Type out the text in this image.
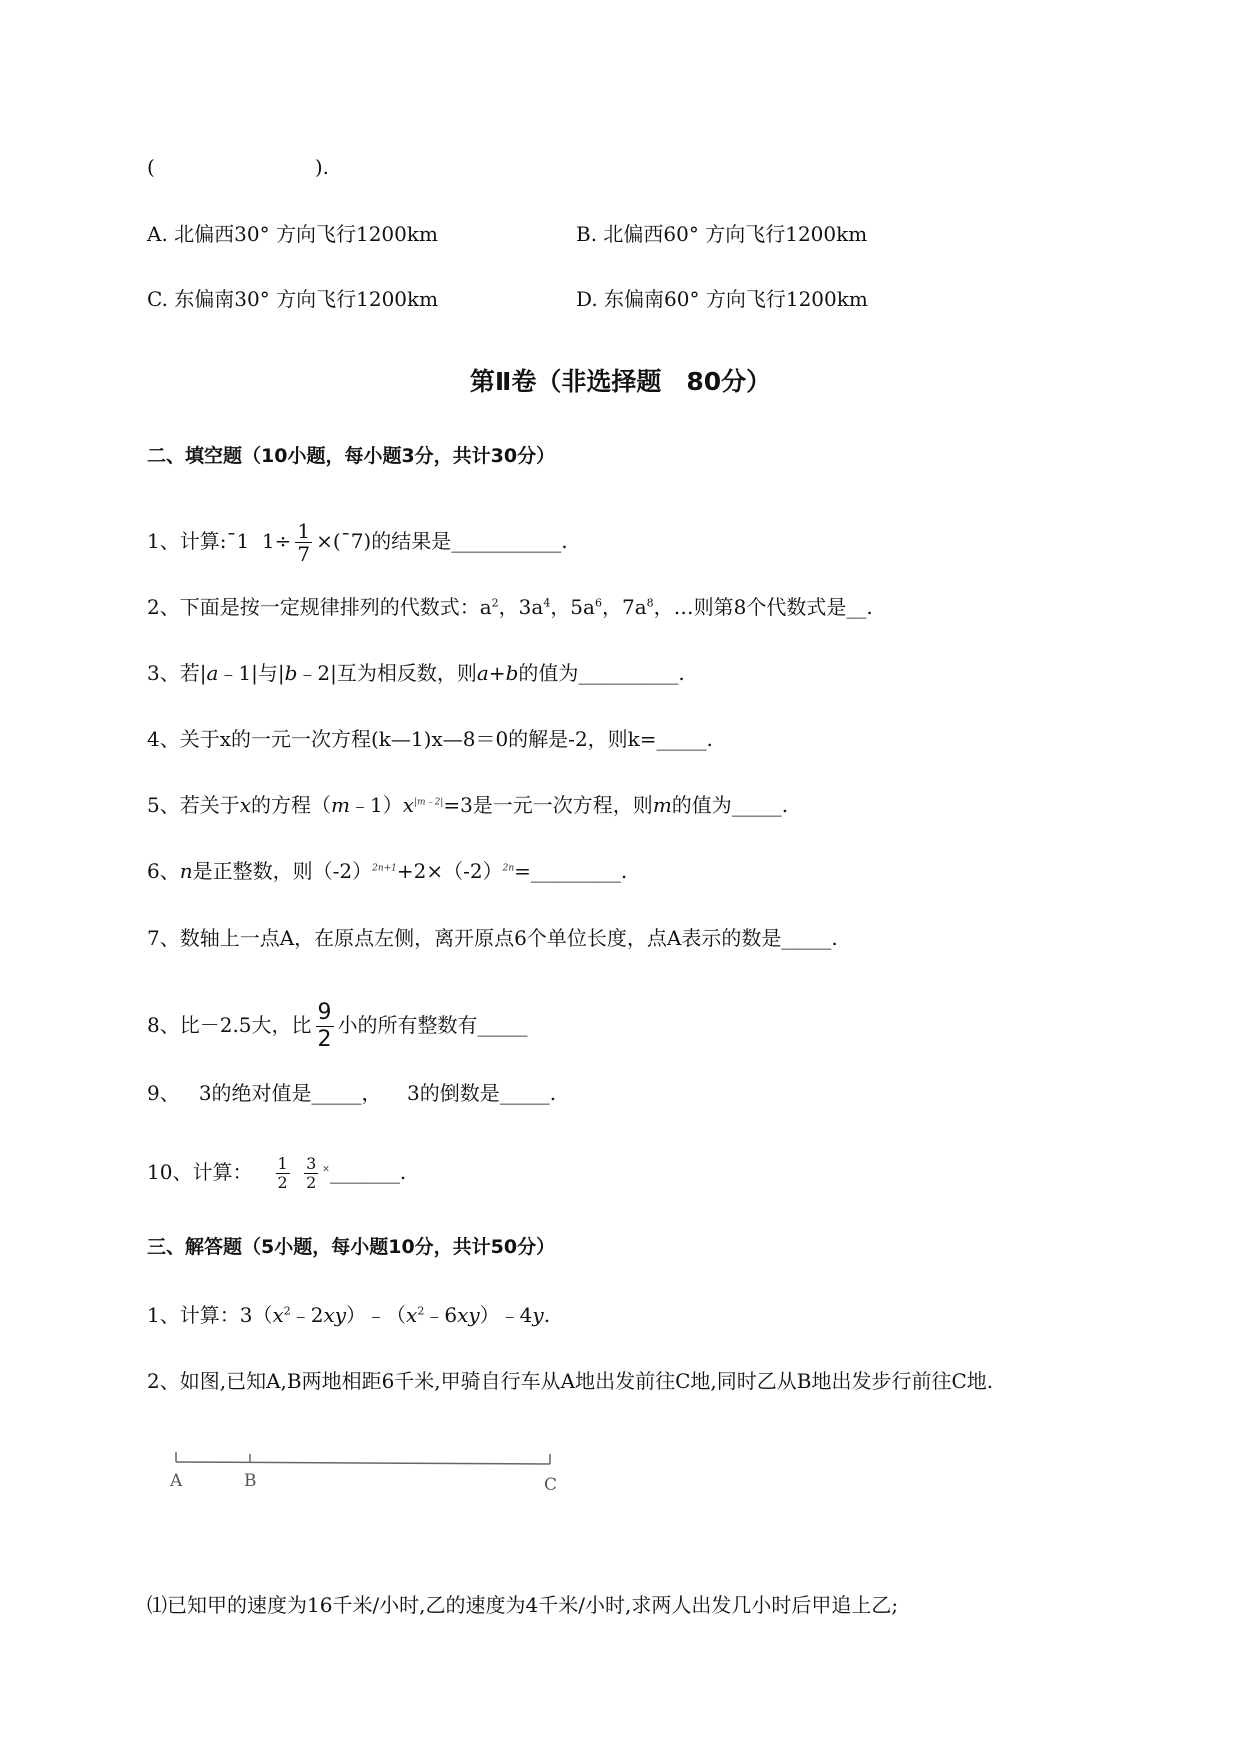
(	).
A. 北偏西30° 方向飞行1200km	B. 北偏西60° 方向飞行1200km
C. 东偏南30° 方向飞行1200km	D. 东偏南60° 方向飞行1200km
第Ⅱ卷（非选择题　80分）
二、填空题（10小题，每小题3分，共计30分）
1、计算:ˉ1 $1\div \frac{1}{7}$ ×(ˉ7)的结果是___________.
2、下面是按一定规律排列的代数式：$a^2$，$3a^4$，$5a^6$，$7a^8$，…则第8个代数式是__.
3、若|a﹣1|与|b﹣2|互为相反数，则a+b的值为__________.
4、关于x的一元一次方程(k—1)x—8＝0的解是-2，则k=_____.
5、若关于x的方程$(m﹣1)x^{|m﹣2|}=3$是一元一次方程，则m的值为_____.
6、n是正整数，则$(-2)^{2n+1}+2\times(-2)^{2n}=\_\_\_\_\_\_\_\_\_$.
7、数轴上一点A，在原点左侧，离开原点6个单位长度，点A表示的数是_____.
8、比－2.5大，比 $\frac{9}{2}$ 小的所有整数有_____
9、 3的绝对值是_____， 3的倒数是_____.
10、计算： $\frac{1}{2}$
$\frac{3}{2}$ ×_______.
三、解答题（5小题，每小题10分，共计50分）
1、计算：$3(x^2﹣2xy)﹣(x^2﹣6xy)﹣4y$.
2、如图,已知A,B两地相距6千米,甲骑自行车从A地出发前往C地,同时乙从B地出发步行前往C地.
A	B	C
⑴已知甲的速度为16千米/小时,乙的速度为4千米/小时,求两人出发几小时后甲追上乙;
